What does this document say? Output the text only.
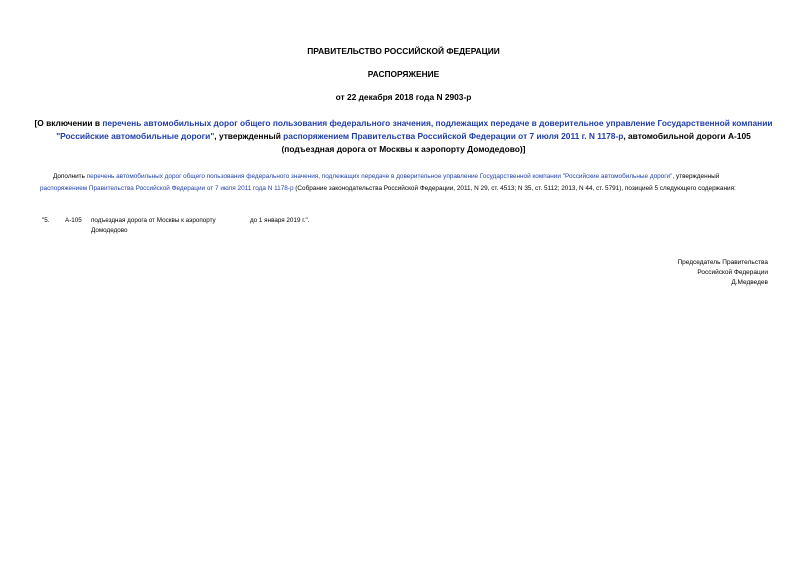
ПРАВИТЕЛЬСТВО РОССИЙСКОЙ ФЕДЕРАЦИИ
РАСПОРЯЖЕНИЕ
от 22 декабря 2018 года N 2903-р
[О включении в перечень автомобильных дорог общего пользования федерального значения, подлежащих передаче в доверительное управление Государственной компании "Российские автомобильные дороги", утвержденный распоряжением Правительства Российской Федерации от 7 июля 2011 г. N 1178-р, автомобильной дороги А-105 (подъездная дорога от Москвы к аэропорту Домодедово)]
Дополнить перечень автомобильных дорог общего пользования федерального значения, подлежащих передаче в доверительное управление Государственной компании "Российские автомобильные дороги", утвержденный распоряжением Правительства Российской Федерации от 7 июля 2011 года N 1178-р (Собрание законодательства Российской Федерации, 2011, N 29, ст. 4513; N 35, ст. 5112; 2013, N 44, ст. 5791), позицией 5 следующего содержания:
"5. А-105 подъездная дорога от Москвы к аэропорту Домодедово
до 1 января 2019 г.".
Председатель Правительства
Российской Федерации
Д.Медведев
